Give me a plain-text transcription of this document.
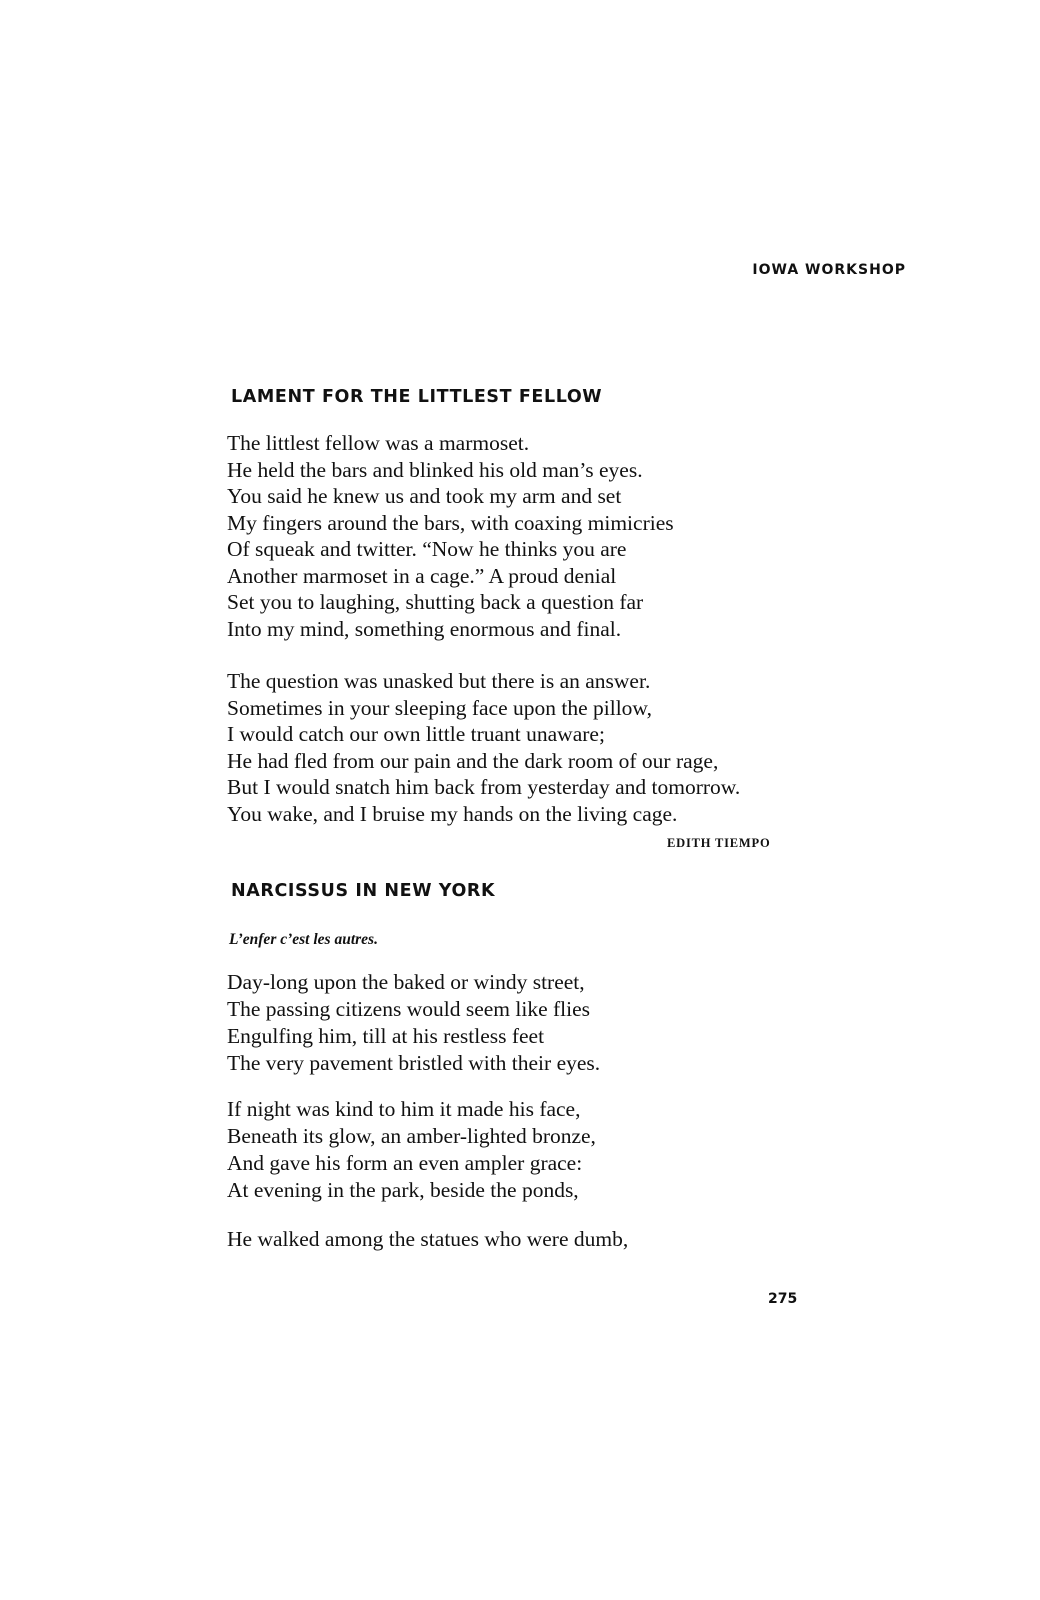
IOWA WORKSHOP
LAMENT FOR THE LITTLEST FELLOW
The littlest fellow was a marmoset.
He held the bars and blinked his old man’s eyes.
You said he knew us and took my arm and set
My fingers around the bars, with coaxing mimicries
Of squeak and twitter. “Now he thinks you are
Another marmoset in a cage.” A proud denial
Set you to laughing, shutting back a question far
Into my mind, something enormous and final.
The question was unasked but there is an answer.
Sometimes in your sleeping face upon the pillow,
I would catch our own little truant unaware;
He had fled from our pain and the dark room of our rage,
But I would snatch him back from yesterday and tomorrow.
You wake, and I bruise my hands on the living cage.
EDITH TIEMPO
NARCISSUS IN NEW YORK
L’enfer c’est les autres.
Day-long upon the baked or windy street,
The passing citizens would seem like flies
Engulfing him, till at his restless feet
The very pavement bristled with their eyes.
If night was kind to him it made his face,
Beneath its glow, an amber-lighted bronze,
And gave his form an even ampler grace:
At evening in the park, beside the ponds,
He walked among the statues who were dumb,
275
